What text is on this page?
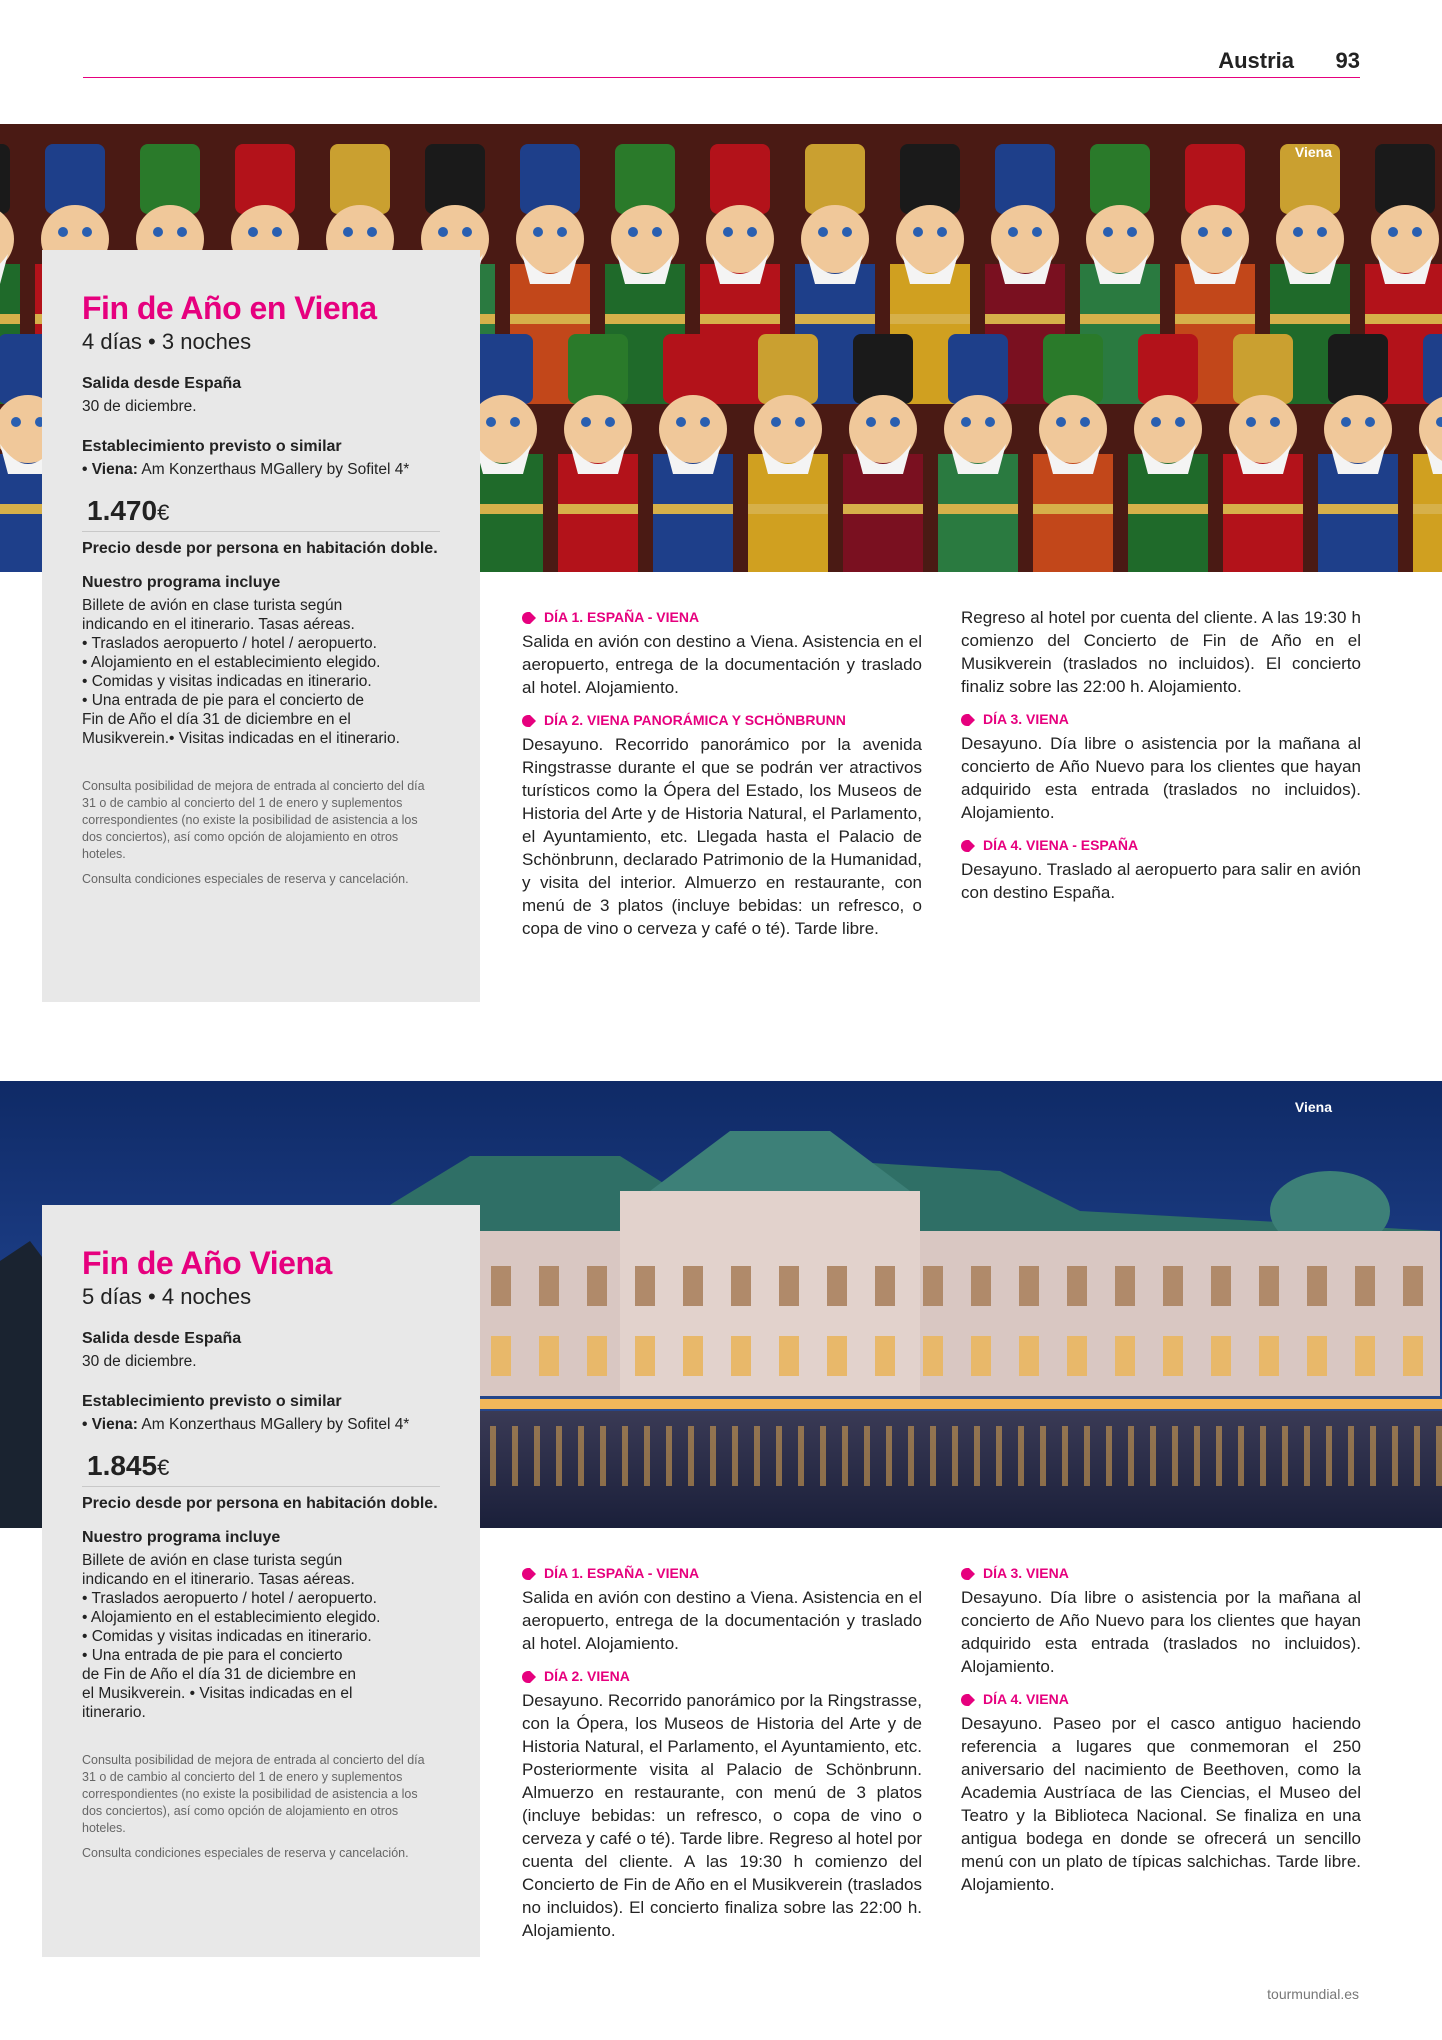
Austria 93
Viena
Fin de Año en Viena
4 días • 3 noches
Salida desde España
30 de diciembre.
Establecimiento previsto o similar
• Viena: Am Konzerthaus MGallery by Sofitel 4*
1.470€
Precio desde por persona en habitación doble.
Nuestro programa incluye
Billete de avión en clase turista según
indicando en el itinerario. Tasas aéreas.
• Traslados aeropuerto / hotel / aeropuerto.
• Alojamiento en el establecimiento elegido.
• Comidas y visitas indicadas en itinerario.
• Una entrada de pie para el concierto de
Fin de Año el día 31 de diciembre en el
Musikverein.• Visitas indicadas en el itinerario.
Consulta posibilidad de mejora de entrada al concierto del día 31 o de cambio al concierto del 1 de enero y suplementos correspondientes (no existe la posibilidad de asistencia a los dos conciertos), así como opción de alojamiento en otros hoteles.
Consulta condiciones especiales de reserva y cancelación.
DÍA 1. ESPAÑA - VIENA

Salida en avión con destino a Viena. Asistencia en el aeropuerto, entrega de la documentación y traslado al hotel. Alojamiento.

DÍA 2. VIENA PANORÁMICA Y SCHÖNBRUNN

Desayuno. Recorrido panorámico por la avenida Ringstrasse durante el que se podrán ver atractivos turísticos como la Ópera del Estado, los Museos de Historia del Arte y de Historia Natural, el Parlamento, el Ayuntamiento, etc. Llegada hasta el Palacio de Schönbrunn, declarado Patrimonio de la Humanidad, y visita del interior. Almuerzo en restaurante, con menú de 3 platos (incluye bebidas: un refresco, o copa de vino o cerveza y café o té). Tarde libre.

Regreso al hotel por cuenta del cliente. A las 19:30 h comienzo del Concierto de Fin de Año en el Musikverein (traslados no incluidos). El concierto finaliz sobre las 22:00 h. Alojamiento.

DÍA 3. VIENA

Desayuno. Día libre o asistencia por la mañana al concierto de Año Nuevo para los clientes que hayan adquirido esta entrada (traslados no incluidos). Alojamiento.

DÍA 4. VIENA - ESPAÑA

Desayuno. Traslado al aeropuerto para salir en avión con destino España.

Viena
Fin de Año Viena
5 días • 4 noches
Salida desde España
30 de diciembre.
Establecimiento previsto o similar
• Viena: Am Konzerthaus MGallery by Sofitel 4*
1.845€
Precio desde por persona en habitación doble.
Nuestro programa incluye
Billete de avión en clase turista según
indicando en el itinerario. Tasas aéreas.
• Traslados aeropuerto / hotel / aeropuerto.
• Alojamiento en el establecimiento elegido.
• Comidas y visitas indicadas en itinerario.
• Una entrada de pie para el concierto
de Fin de Año el día 31 de diciembre en
el Musikverein. • Visitas indicadas en el
itinerario.
Consulta posibilidad de mejora de entrada al concierto del día 31 o de cambio al concierto del 1 de enero y suplementos correspondientes (no existe la posibilidad de asistencia a los dos conciertos), así como opción de alojamiento en otros hoteles.
Consulta condiciones especiales de reserva y cancelación.
DÍA 1. ESPAÑA - VIENA

Salida en avión con destino a Viena. Asistencia en el aeropuerto, entrega de la documentación y traslado al hotel. Alojamiento.

DÍA 2. VIENA

Desayuno. Recorrido panorámico por la Ringstrasse, con la Ópera, los Museos de Historia del Arte y de Historia Natural, el Parlamento, el Ayuntamiento, etc. Posteriormente visita al Palacio de Schönbrunn. Almuerzo en restaurante, con menú de 3 platos (incluye bebidas: un refresco, o copa de vino o cerveza y café o té). Tarde libre. Regreso al hotel por cuenta del cliente. A las 19:30 h comienzo del Concierto de Fin de Año en el Musikverein (traslados no incluidos). El concierto finaliza sobre las 22:00 h. Alojamiento.

DÍA 3. VIENA

Desayuno. Día libre o asistencia por la mañana al concierto de Año Nuevo para los clientes que hayan adquirido esta entrada (traslados no incluidos). Alojamiento.

DÍA 4. VIENA

Desayuno. Paseo por el casco antiguo haciendo referencia a lugares que conmemoran el 250 aniversario del nacimiento de Beethoven, como la Academia Austríaca de las Ciencias, el Museo del Teatro y la Biblioteca Nacional. Se finaliza en una antigua bodega en donde se ofrecerá un sencillo menú con un plato de típicas salchichas. Tarde libre. Alojamiento.

tourmundial.es
